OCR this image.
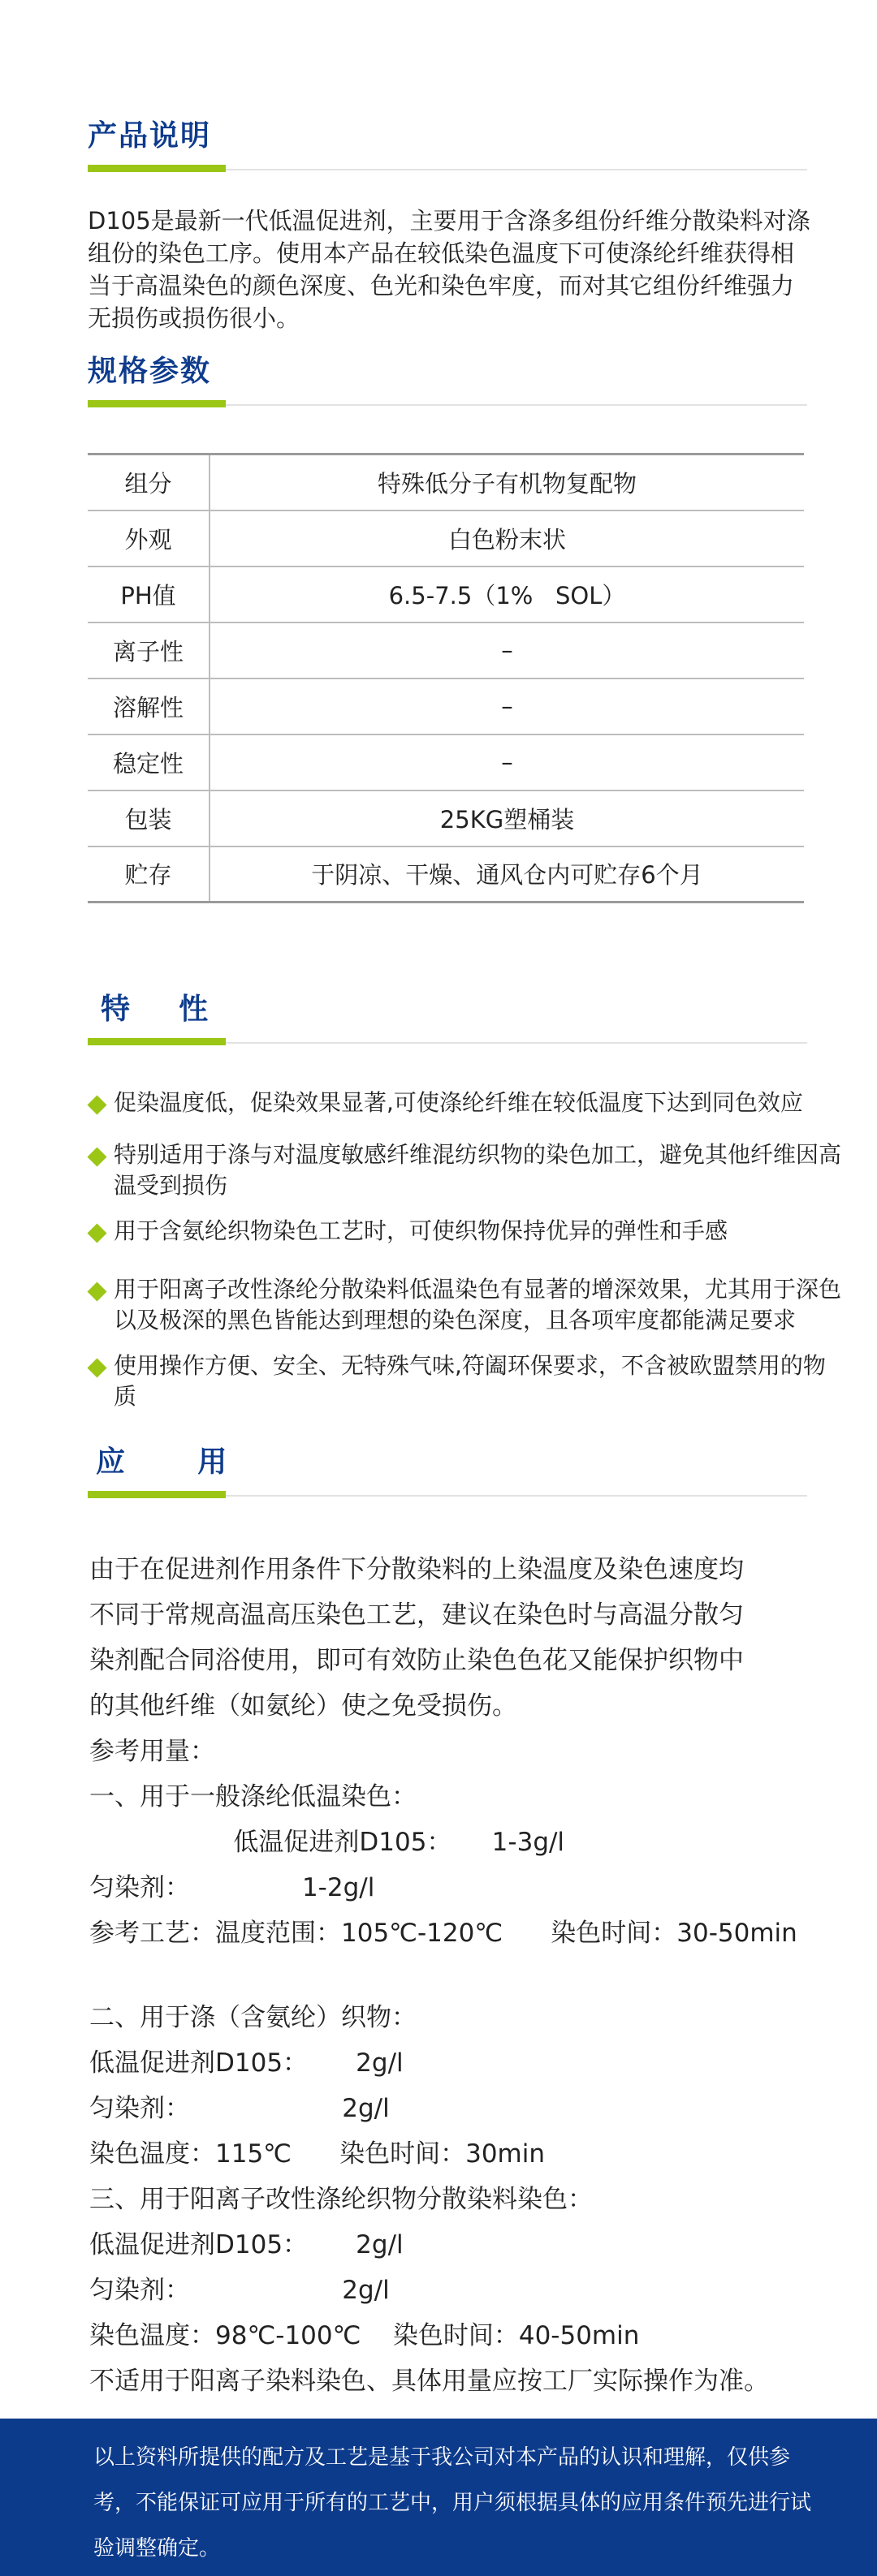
产品说明

D105是最新一代低温促进剂，主要用于含涤多组份纤维分散染料对涤组份的染色工序。使用本产品在较低染色温度下可使涤纶纤维获得相当于高温染色的颜色深度、色光和染色牢度，而对其它组份纤维强力无损伤或损伤很小。

规格参数
组分	特殊低分子有机物复配物
外观	白色粉末状
PH值	6.5-7.5（1%   SOL）
离子性	–
溶解性	–
稳定性	–
包装	25KG塑桶装
贮存	于阴凉、干燥、通风仓内可贮存6个月
特    性
促染温度低，促染效果显著,可使涤纶纤维在较低温度下达到同色效应
特别适用于涤与对温度敏感纤维混纺织物的染色加工，避免其他纤维因高温受到损伤
用于含氨纶织物染色工艺时，可使织物保持优异的弹性和手感
用于阳离子改性涤纶分散染料低温染色有显著的增深效果，尤其用于深色以及极深的黑色皆能达到理想的染色深度，且各项牢度都能满足要求
使用操作方便、安全、无特殊气味,符阖环保要求，不含被欧盟禁用的物质
应      用
由于在促进剂作用条件下分散染料的上染温度及染色速度均
不同于常规高温高压染色工艺，建议在染色时与高温分散匀
染剂配合同浴使用，即可有效防止染色色花又能保护织物中
的其他纤维（如氨纶）使之免受损伤。
参考用量：
一、用于一般涤纶低温染色：
低温促进剂D105：     1-3g/l
匀染剂：              1-2g/l
参考工艺：温度范围：105℃-120℃      染色时间：30-50min
二、用于涤（含氨纶）织物：
低温促进剂D105：      2g/l
匀染剂：                   2g/l
染色温度：115℃      染色时间：30min
三、用于阳离子改性涤纶织物分散染料染色：
低温促进剂D105：      2g/l
匀染剂：                   2g/l
染色温度：98℃-100℃    染色时间：40-50min
不适用于阳离子染料染色、具体用量应按工厂实际操作为准。

以上资料所提供的配方及工艺是基于我公司对本产品的认识和理解，仅供参考，不能保证可应用于所有的工艺中，用户须根据具体的应用条件预先进行试验调整确定。
